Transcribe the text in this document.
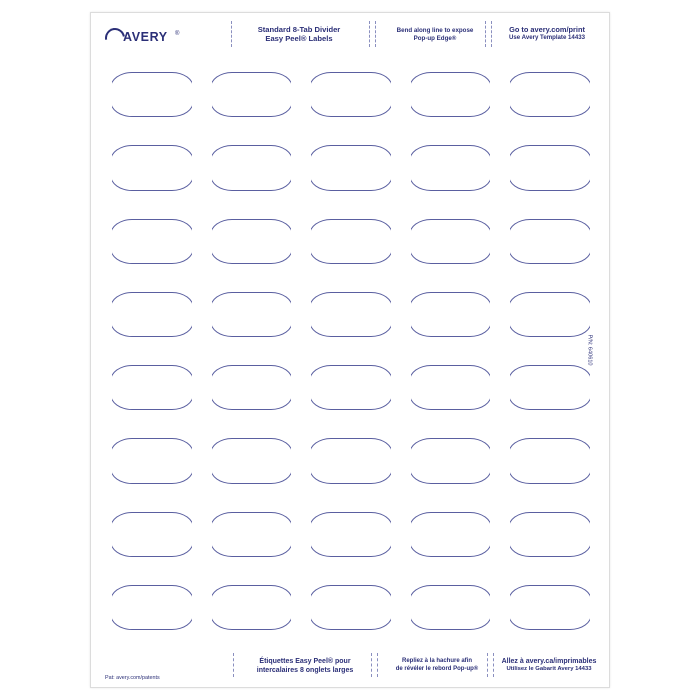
AVERY ®	Standard 8-Tab Divider
Easy Peel® Labels
Bend along line to expose
Pop-up Edge®
Go to avery.com/print
Use Avery Template 14433
P/N: 640610
Étiquettes Easy Peel® pour
intercalaires 8 onglets larges
Repliez à la hachure afin
de révéler le rebord Pop-up®
Allez à avery.ca/imprimables
Utilisez le Gabarit Avery 14433
Pat: avery.com/patents
